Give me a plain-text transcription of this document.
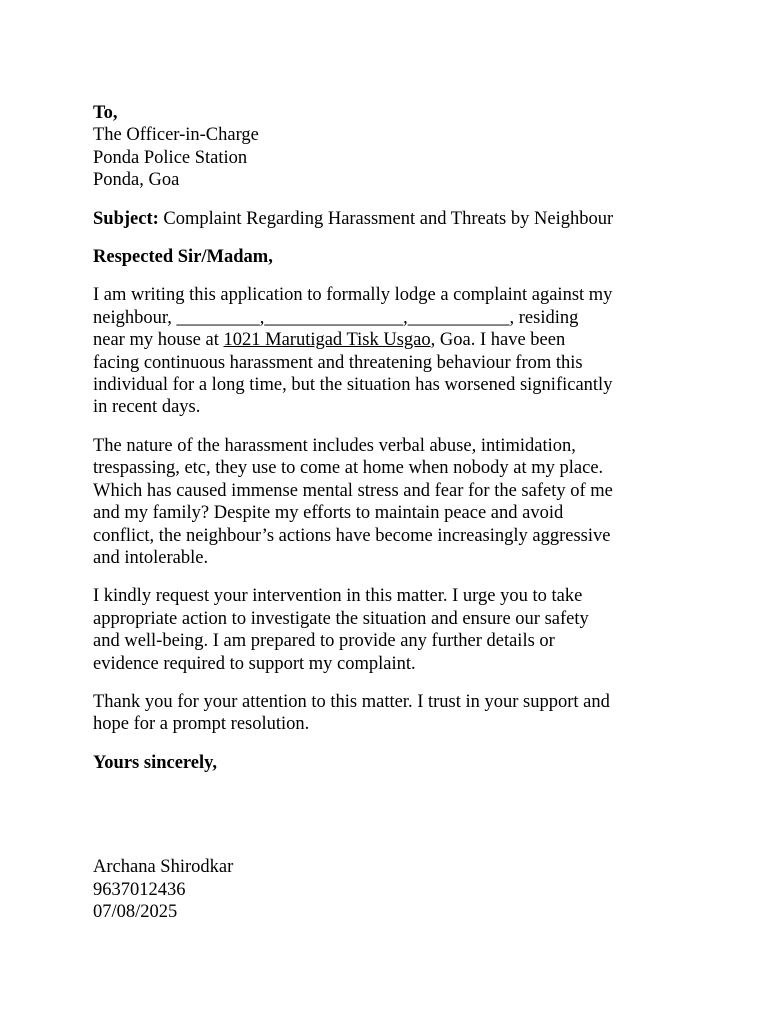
To,
The Officer-in-Charge
Ponda Police Station
Ponda, Goa
Subject: Complaint Regarding Harassment and Threats by Neighbour
Respected Sir/Madam,
I am writing this application to formally lodge a complaint against my
neighbour, _________,_______________,___________, residing
near my house at 1021 Marutigad Tisk Usgao, Goa. I have been
facing continuous harassment and threatening behaviour from this
individual for a long time, but the situation has worsened significantly
in recent days.
The nature of the harassment includes verbal abuse, intimidation,
trespassing, etc, they use to come at home when nobody at my place.
Which has caused immense mental stress and fear for the safety of me
and my family? Despite my efforts to maintain peace and avoid
conflict, the neighbour’s actions have become increasingly aggressive
and intolerable.
I kindly request your intervention in this matter. I urge you to take
appropriate action to investigate the situation and ensure our safety
and well-being. I am prepared to provide any further details or
evidence required to support my complaint.
Thank you for your attention to this matter. I trust in your support and
hope for a prompt resolution.
Yours sincerely,
Archana Shirodkar
9637012436
07/08/2025
